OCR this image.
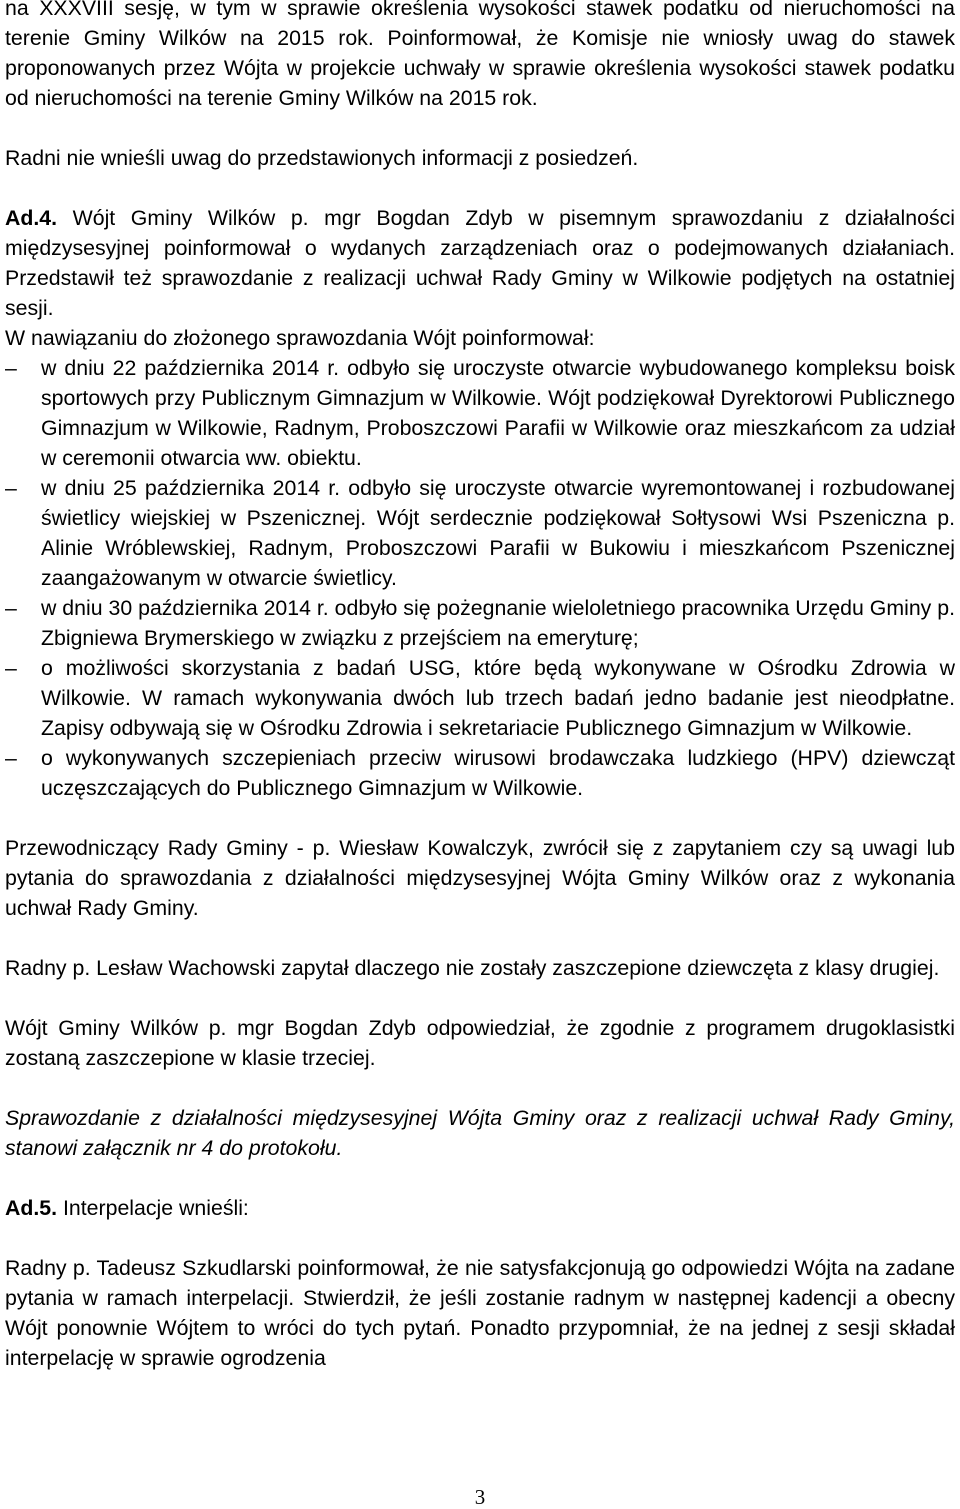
na XXXVIII sesję, w tym w sprawie określenia wysokości stawek podatku od nieruchomości na terenie Gminy Wilków na 2015 rok. Poinformował, że Komisje nie wniosły uwag do stawek proponowanych przez Wójta w projekcie uchwały w sprawie określenia wysokości stawek podatku od nieruchomości na terenie Gminy Wilków na 2015 rok.

Radni nie wnieśli uwag do przedstawionych informacji z posiedzeń.

Ad.4. Wójt Gminy Wilków p. mgr Bogdan Zdyb w pisemnym sprawozdaniu z działalności międzysesyjnej poinformował o wydanych zarządzeniach oraz o podejmowanych działaniach. Przedstawił też sprawozdanie z realizacji uchwał Rady Gminy w Wilkowie podjętych na ostatniej sesji.

W nawiązaniu do złożonego sprawozdania Wójt poinformował:

–	w dniu 22 października 2014 r. odbyło się uroczyste otwarcie wybudowanego kompleksu boisk sportowych przy Publicznym Gimnazjum w Wilkowie. Wójt podziękował Dyrektorowi Publicznego Gimnazjum w Wilkowie, Radnym, Proboszczowi Parafii w Wilkowie oraz mieszkańcom za udział w ceremonii otwarcia ww. obiektu.
–	w dniu 25 października 2014 r. odbyło się uroczyste otwarcie wyremontowanej i rozbudowanej świetlicy wiejskiej w Pszenicznej. Wójt serdecznie podziękował Sołtysowi Wsi Pszeniczna p. Alinie Wróblewskiej, Radnym, Proboszczowi Parafii w Bukowiu i mieszkańcom Pszenicznej zaangażowanym w otwarcie świetlicy.
–	w dniu 30 października 2014 r. odbyło się pożegnanie wieloletniego pracownika Urzędu Gminy p. Zbigniewa Brymerskiego w związku z przejściem na emeryturę;
–	o możliwości skorzystania z badań USG, które będą wykonywane w Ośrodku Zdrowia w Wilkowie. W ramach wykonywania dwóch lub trzech badań jedno badanie jest nieodpłatne. Zapisy odbywają się w Ośrodku Zdrowia i sekretariacie Publicznego Gimnazjum w Wilkowie.
–	o wykonywanych szczepieniach przeciw wirusowi brodawczaka ludzkiego (HPV) dziewcząt uczęszczających do Publicznego Gimnazjum w Wilkowie.

Przewodniczący Rady Gminy - p. Wiesław Kowalczyk, zwrócił się z zapytaniem czy są uwagi lub pytania do sprawozdania z działalności międzysesyjnej Wójta Gminy Wilków oraz z wykonania uchwał Rady Gminy.

Radny p. Lesław Wachowski zapytał dlaczego nie zostały zaszczepione dziewczęta z klasy drugiej.

Wójt Gminy Wilków p. mgr Bogdan Zdyb odpowiedział, że zgodnie z programem drugoklasistki zostaną zaszczepione w klasie trzeciej.

Sprawozdanie z działalności międzysesyjnej Wójta Gminy oraz z realizacji uchwał Rady Gminy, stanowi załącznik nr 4 do protokołu.

Ad.5. Interpelacje wnieśli:

Radny p. Tadeusz Szkudlarski poinformował, że nie satysfakcjonują go odpowiedzi Wójta na zadane pytania w ramach interpelacji. Stwierdził, że jeśli zostanie radnym w następnej kadencji a obecny Wójt ponownie Wójtem to wróci do tych pytań. Ponadto przypomniał, że na jednej z sesji składał interpelację w sprawie ogrodzenia

3
